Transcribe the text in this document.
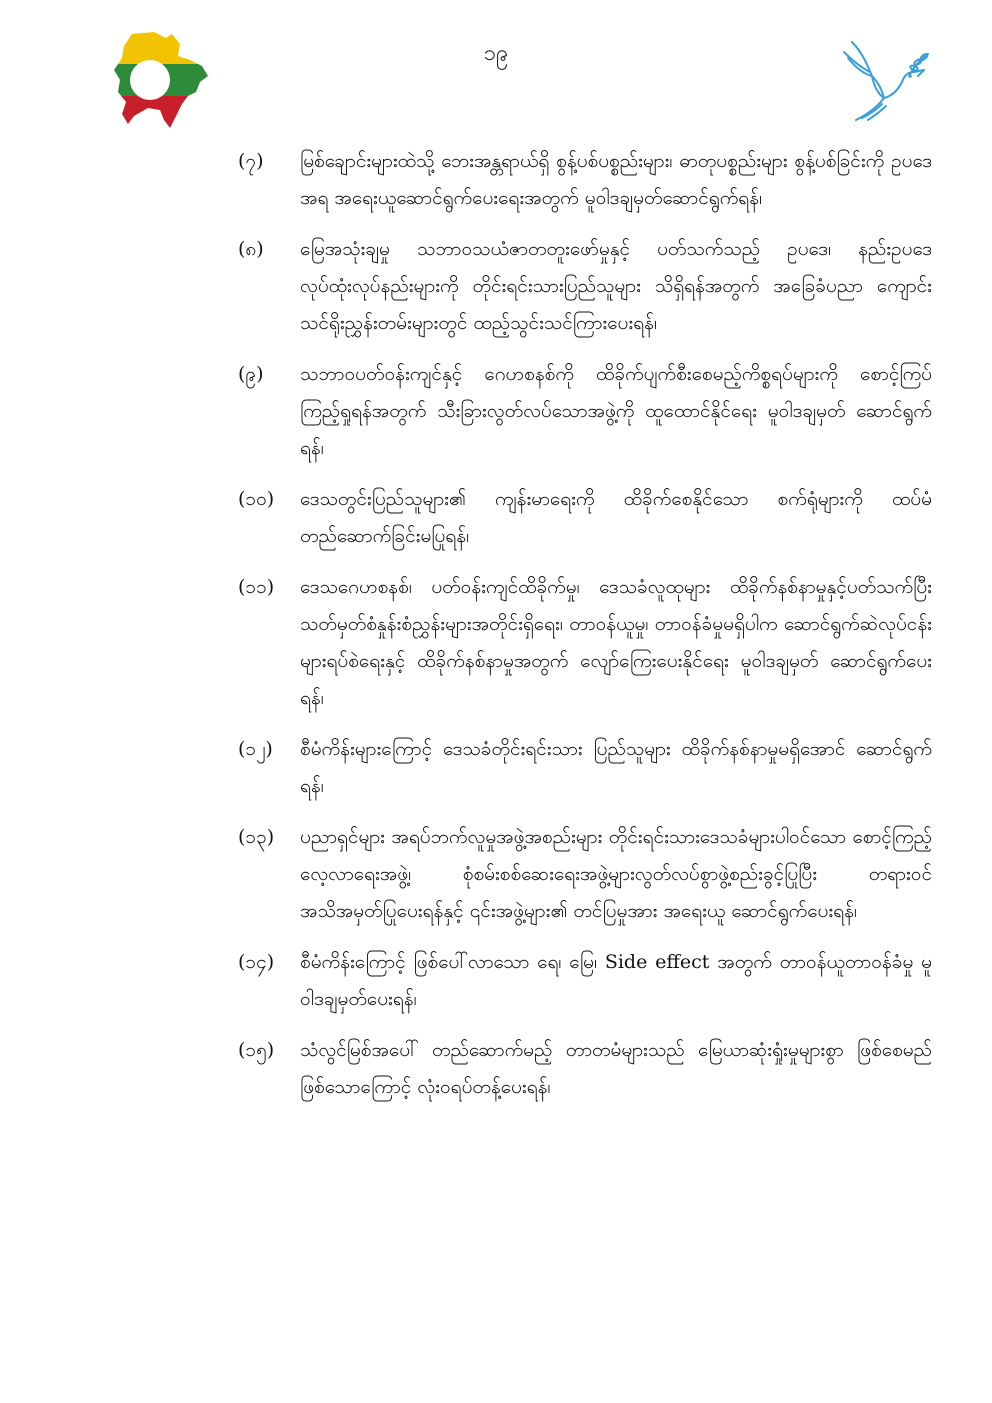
၁၉
(၇)	မြစ်ချောင်းများထဲသို့ ဘေးအန္တရာယ်ရှိ စွန့်ပစ်ပစ္စည်းများ၊ ဓာတုပစ္စည်းများ စွန့်ပစ်ခြင်းကို ဥပဒေအရ အရေးယူဆောင်ရွက်ပေးရေးအတွက် မူဝါဒချမှတ်ဆောင်ရွက်ရန်၊
(၈)	မြေအသုံးချမှု သဘာဝသယံဇာတတူးဖော်မှုနှင့် ပတ်သက်သည့် ဥပဒေ၊ နည်းဥပဒေ လုပ်ထုံးလုပ်နည်းများကို တိုင်းရင်းသားပြည်သူများ သိရှိရန်အတွက် အခြေခံပညာ ကျောင်းသင်ရိုးညွှန်းတမ်းများတွင် ထည့်သွင်းသင်ကြားပေးရန်၊
(၉)	သဘာဝပတ်ဝန်းကျင်နှင့် ဂေဟစနစ်ကို ထိခိုက်ပျက်စီးစေမည့်ကိစ္စရပ်များကို စောင့်ကြပ်ကြည့်ရှုရန်အတွက် သီးခြားလွတ်လပ်သောအဖွဲ့ကို ထူထောင်နိုင်ရေး မူဝါဒချမှတ် ဆောင်ရွက်ရန်၊
(၁၀)	ဒေသတွင်းပြည်သူများ၏ ကျန်းမာရေးကို ထိခိုက်စေနိုင်သော စက်ရုံများကို ထပ်မံ တည်ဆောက်ခြင်းမပြုရန်၊
(၁၁)	ဒေသဂေဟစနစ်၊ ပတ်ဝန်းကျင်ထိခိုက်မှု၊ ဒေသခံလူထုများ ထိခိုက်နစ်နာမှုနှင့်ပတ်သက်ပြီး သတ်မှတ်စံနှုန်းစံညွှန်းများအတိုင်းရှိရေး၊ တာဝန်ယူမှု၊ တာဝန်ခံမှုမရှိပါက ဆောင်ရွက်ဆဲလုပ်ငန်းများရပ်စဲရေးနှင့် ထိခိုက်နစ်နာမှုအတွက် လျော်ကြေးပေးနိုင်ရေး မူဝါဒချမှတ် ဆောင်ရွက်ပေးရန်၊
(၁၂)	စီမံကိန်းများကြောင့် ဒေသခံတိုင်းရင်းသား ပြည်သူများ ထိခိုက်နစ်နာမှုမရှိအောင် ဆောင်ရွက်ရန်၊
(၁၃)	ပညာရှင်များ အရပ်ဘက်လူမှုအဖွဲ့အစည်းများ တိုင်းရင်းသားဒေသခံများပါဝင်သော စောင့်ကြည့်လေ့လာရေးအဖွဲ့၊ စုံစမ်းစစ်ဆေးရေးအဖွဲ့များလွတ်လပ်စွာဖွဲ့စည်းခွင့်ပြုပြီး တရားဝင် အသိအမှတ်ပြုပေးရန်နှင့် ၎င်းအဖွဲ့များ၏ တင်ပြမှုအား အရေးယူ ဆောင်ရွက်ပေးရန်၊
(၁၄)	စီမံကိန်းကြောင့် ဖြစ်ပေါ်လာသော ရေ၊ မြေ၊ Side effect အတွက် တာဝန်ယူတာဝန်ခံမှု မူဝါဒချမှတ်ပေးရန်၊
(၁၅)	သံလွင်မြစ်အပေါ် တည်ဆောက်မည့် တာတမံများသည် မြေယာဆုံးရှုံးမှုများစွာ ဖြစ်စေမည် ဖြစ်သောကြောင့် လုံးဝရပ်တန့်ပေးရန်၊
